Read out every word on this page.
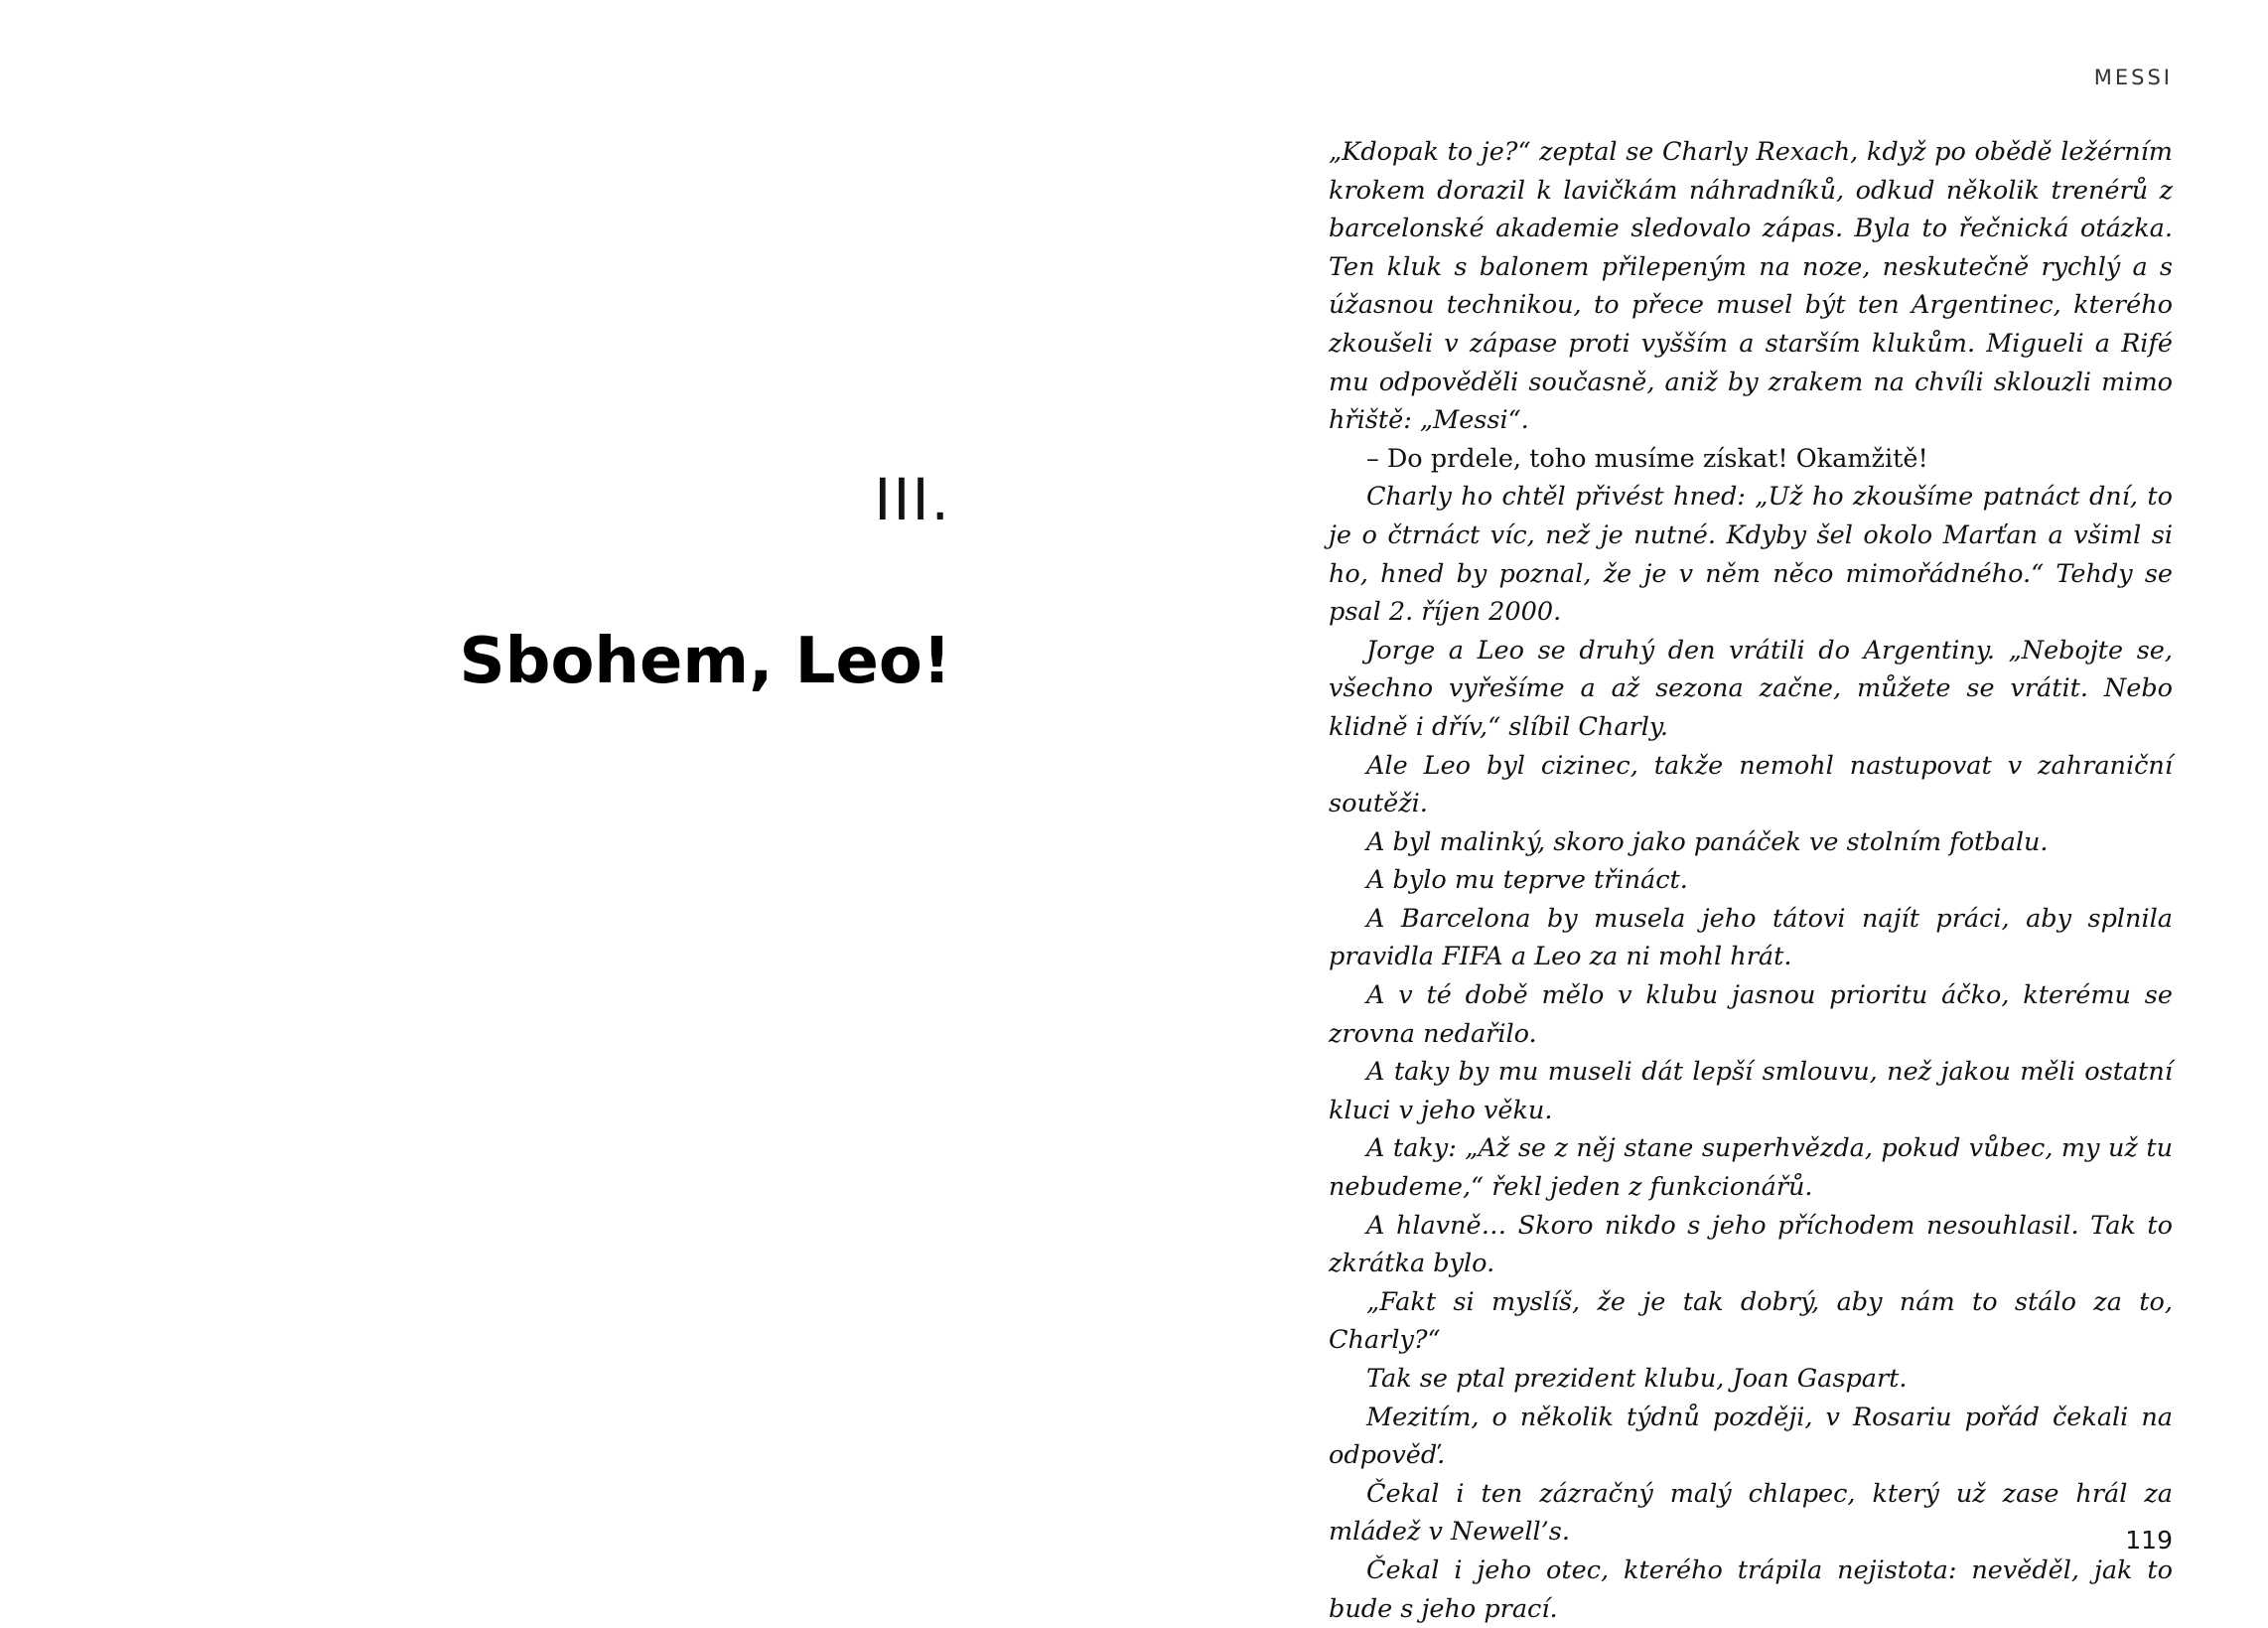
III.
Sbohem, Leo!
MESSI

„Kdopak to je?“ zeptal se Charly Rexach, když po obědě ležérním krokem dorazil k lavičkám náhradníků, odkud několik trenérů z barcelonské akademie sledovalo zápas. Byla to řečnická otázka. Ten kluk s balonem přilepeným na noze, neskutečně rychlý a s úžasnou technikou, to přece musel být ten Argentinec, kterého zkoušeli v zápase proti vyšším a starším klukům. Migueli a Rifé mu odpověděli současně, aniž by zrakem na chvíli sklouzli mimo hřiště: „Messi“.

– Do prdele, toho musíme získat! Okamžitě!

Charly ho chtěl přivést hned: „Už ho zkoušíme patnáct dní, to je o čtrnáct víc, než je nutné. Kdyby šel okolo Marťan a všiml si ho, hned by poznal, že je v něm něco mimořádného.“ Tehdy se psal 2. říjen 2000.

Jorge a Leo se druhý den vrátili do Argentiny. „Nebojte se, všechno vyřešíme a až sezona začne, můžete se vrátit. Nebo klidně i dřív,“ slíbil Charly.

Ale Leo byl cizinec, takže nemohl nastupovat v zahraniční soutěži.

A byl malinký, skoro jako panáček ve stolním fotbalu.

A bylo mu teprve třináct.

A Barcelona by musela jeho tátovi najít práci, aby splnila pravidla FIFA a Leo za ni mohl hrát.

A v té době mělo v klubu jasnou prioritu áčko, kterému se zrovna nedařilo.

A taky by mu museli dát lepší smlouvu, než jakou měli ostatní kluci v jeho věku.

A taky: „Až se z něj stane superhvězda, pokud vůbec, my už tu nebudeme,“ řekl jeden z funkcionářů.

A hlavně… Skoro nikdo s jeho příchodem nesouhlasil. Tak to zkrátka bylo.

„Fakt si myslíš, že je tak dobrý, aby nám to stálo za to, Charly?“

Tak se ptal prezident klubu, Joan Gaspart.

Mezitím, o několik týdnů později, v Rosariu pořád čekali na odpověď.

Čekal i ten zázračný malý chlapec, který už zase hrál za mládež v Newell’s.

Čekal i jeho otec, kterého trápila nejistota: nevěděl, jak to bude s jeho prací.

119
